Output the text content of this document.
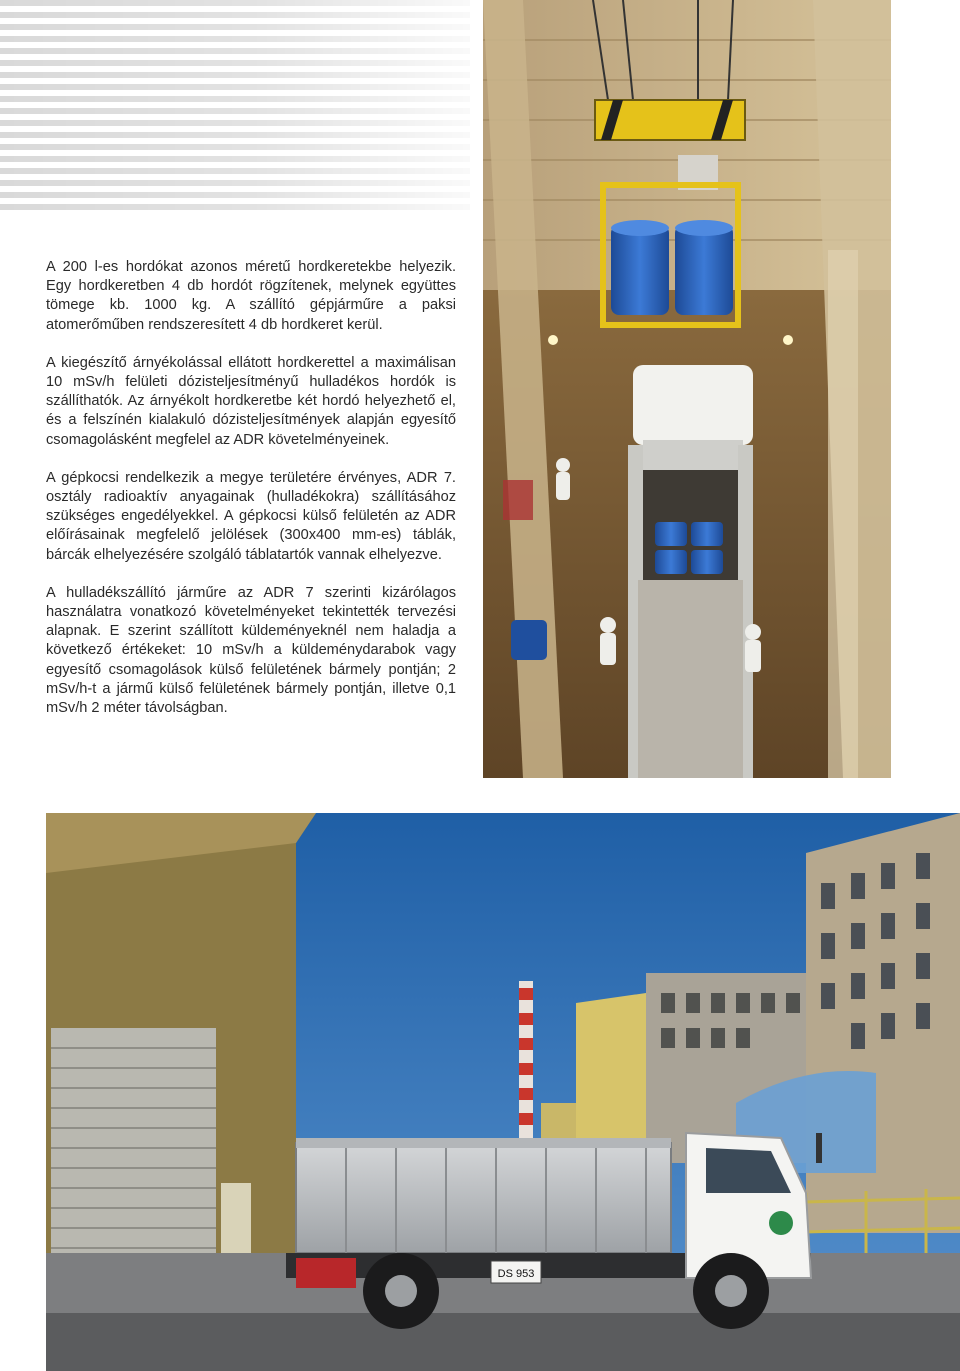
A 200 l-es hordókat azonos méretű hordkeretekbe helyezik. Egy hordkeretben 4 db hordót rögzítenek, melynek együttes tömege kb. 1000 kg. A szállító gépjárműre a paksi atomerőműben rendszeresített 4 db hordkeret kerül.

A kiegészítő árnyékolással ellátott hordkerettel a maximálisan 10 mSv/h felületi dózisteljesítményű hulladékos hordók is szállíthatók. Az árnyékolt hordkeretbe két hordó helyezhető el, és a felszínén kialakuló dózisteljesítmények alapján egyesítő csomagolásként megfelel az ADR követelményeinek.

A gépkocsi rendelkezik a megye területére érvényes, ADR 7. osztály radioaktív anyagainak (hulladékokra) szállításához szükséges engedélyekkel. A gépkocsi külső felületén az ADR előírásainak megfelelő jelölések (300x400 mm-es) táblák, bárcák elhelyezésére szolgáló táblatartók vannak elhelyezve.

A hulladékszállító járműre az ADR 7 szerinti kizárólagos használatra vonatkozó követelményeket tekintették tervezési alapnak. E szerint szállított küldeményeknél nem haladja a következő értékeket: 10 mSv/h a küldeménydarabok vagy egyesítő csomagolások külső felületének bármely pontján; 2 mSv/h-t a jármű külső felületének bármely pontján, illetve 0,1 mSv/h 2 méter távolságban.

DS 953
